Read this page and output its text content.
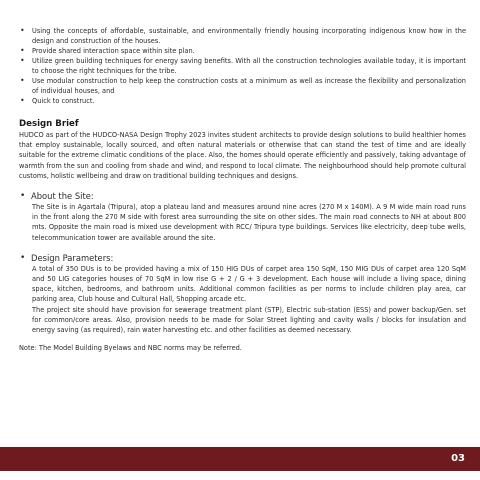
• Using the concepts of affordable, sustainable, and environmentally friendly housing incorporating indigenous know how in the design and construction of the houses.
• Provide shared interaction space within site plan.
• Utilize green building techniques for energy saving benefits. With all the construction technologies available today, it is important to choose the right techniques for the tribe.
• Use modular construction to help keep the construction costs at a minimum as well as increase the flexibility and personalization of individual houses, and
• Quick to construct.
Design Brief

HUDCO as part of the HUDCO-NASA Design Trophy 2023 invites student architects to provide design solutions to build healthier homes that employ sustainable, locally sourced, and often natural materials or otherwise that can stand the test of time and are ideally suitable for the extreme climatic conditions of the place. Also, the homes should operate efficiently and passively, taking advantage of warmth from the sun and cooling from shade and wind, and respond to local climate. The neighbourhood should help promote cultural customs, holistic wellbeing and draw on traditional building techniques and designs.

• About the Site:

The Site is in Agartala (Tripura), atop a plateau land and measures around nine acres (270 M x 140M). A 9 M wide main road runs in the front along the 270 M side with forest area surrounding the site on other sides. The main road connects to NH at about 800 mts. Opposite the main road is mixed use development with RCC/ Tripura type buildings. Services like electricity, deep tube wells, telecommunication tower are available around the site.

• Design Parameters:

A total of 350 DUs is to be provided having a mix of 150 HIG DUs of carpet area 150 SqM, 150 MIG DUs of carpet area 120 SqM and 50 LIG categories houses of 70 SqM in low rise G + 2 / G + 3 development. Each house will include a living space, dining space, kitchen, bedrooms, and bathroom units. Additional common facilities as per norms to include children play area, car parking area, Club house and Cultural Hall, Shopping arcade etc.

The project site should have provision for sewerage treatment plant (STP), Electric sub-station (ESS) and power backup/Gen. set for common/core areas. Also, provision needs to be made for Solar Street lighting and cavity walls / blocks for insulation and energy saving (as required), rain water harvesting etc. and other facilities as deemed necessary.

Note: The Model Building Byelaws and NBC norms may be referred.
03
